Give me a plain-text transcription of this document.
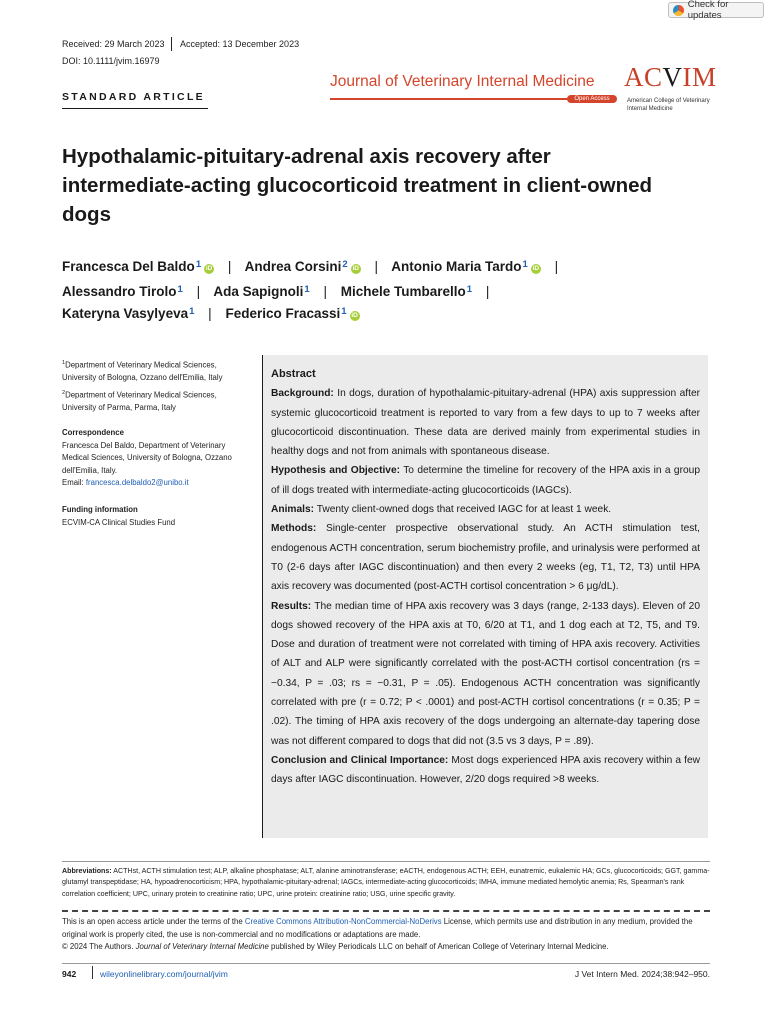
Check for updates
Received: 29 March 2023 Accepted: 13 December 2023
DOI: 10.1111/jvim.16979
Journal of Veterinary Internal Medicine
Open Access
ACVIM
American College of Veterinary Internal Medicine
STANDARD ARTICLE
Hypothalamic-pituitary-adrenal axis recovery after intermediate-acting glucocorticoid treatment in client-owned dogs
Francesca Del Baldo$^1$ iD | Andrea Corsini$^2$ iD | Antonio Maria Tardo$^1$ iD |
Alessandro Tirolo$^1$ | Ada Sapignoli$^1$ | Michele Tumbarello$^1$ |
Kateryna Vasylyeva$^1$ | Federico Fracassi$^1$ iD
$^1$Department of Veterinary Medical Sciences, University of Bologna, Ozzano dell'Emilia, Italy
$^2$Department of Veterinary Medical Sciences, University of Parma, Parma, Italy
Correspondence
Francesca Del Baldo, Department of Veterinary Medical Sciences, University of Bologna, Ozzano dell'Emilia, Italy.
Email: francesca.delbaldo2@unibo.it
Funding information
ECVIM-CA Clinical Studies Fund
Abstract

Background: In dogs, duration of hypothalamic-pituitary-adrenal (HPA) axis suppression after systemic glucocorticoid treatment is reported to vary from a few days to up to 7 weeks after glucocorticoid discontinuation. These data are derived mainly from experimental studies in healthy dogs and not from animals with spontaneous disease.

Hypothesis and Objective: To determine the timeline for recovery of the HPA axis in a group of ill dogs treated with intermediate-acting glucocorticoids (IAGCs).

Animals: Twenty client-owned dogs that received IAGC for at least 1 week.

Methods: Single-center prospective observational study. An ACTH stimulation test, endogenous ACTH concentration, serum biochemistry profile, and urinalysis were performed at T0 (2-6 days after IAGC discontinuation) and then every 2 weeks (eg, T1, T2, T3) until HPA axis recovery was documented (post-ACTH cortisol concentration > 6 μg/dL).

Results: The median time of HPA axis recovery was 3 days (range, 2-133 days). Eleven of 20 dogs showed recovery of the HPA axis at T0, 6/20 at T1, and 1 dog each at T2, T5, and T9. Dose and duration of treatment were not correlated with timing of HPA axis recovery. Activities of ALT and ALP were significantly correlated with the post-ACTH cortisol concentration (rs = −0.34, P = .03; rs = −0.31, P = .05). Endogenous ACTH concentration was significantly correlated with pre (r = 0.72; P < .0001) and post-ACTH cortisol concentrations (r = 0.35; P = .02). The timing of HPA axis recovery of the dogs undergoing an alternate-day tapering dose was not different compared to dogs that did not (3.5 vs 3 days, P = .89).

Conclusion and Clinical Importance: Most dogs experienced HPA axis recovery within a few days after IAGC discontinuation. However, 2/20 dogs required >8 weeks.

Abbreviations: ACTHst, ACTH stimulation test; ALP, alkaline phosphatase; ALT, alanine aminotransferase; eACTH, endogenous ACTH; EEH, eunatremic, eukalemic HA; GCs, glucocorticoids; GGT, gamma-glutamyl transpeptidase; HA, hypoadrenocorticism; HPA, hypothalamic-pituitary-adrenal; IAGCs, intermediate-acting glucocorticoids; IMHA, immune mediated hemolytic anemia; Rs, Spearman's rank correlation coefficient; UPC, urinary protein to creatinine ratio; UPC, urine protein: creatinine ratio; USG, urine specific gravity.
This is an open access article under the terms of the Creative Commons Attribution-NonCommercial-NoDerivs License, which permits use and distribution in any medium, provided the original work is properly cited, the use is non-commercial and no modifications or adaptations are made.
© 2024 The Authors. Journal of Veterinary Internal Medicine published by Wiley Periodicals LLC on behalf of American College of Veterinary Internal Medicine.
942	wileyonlinelibrary.com/journal/jvim	J Vet Intern Med. 2024;38:942–950.
